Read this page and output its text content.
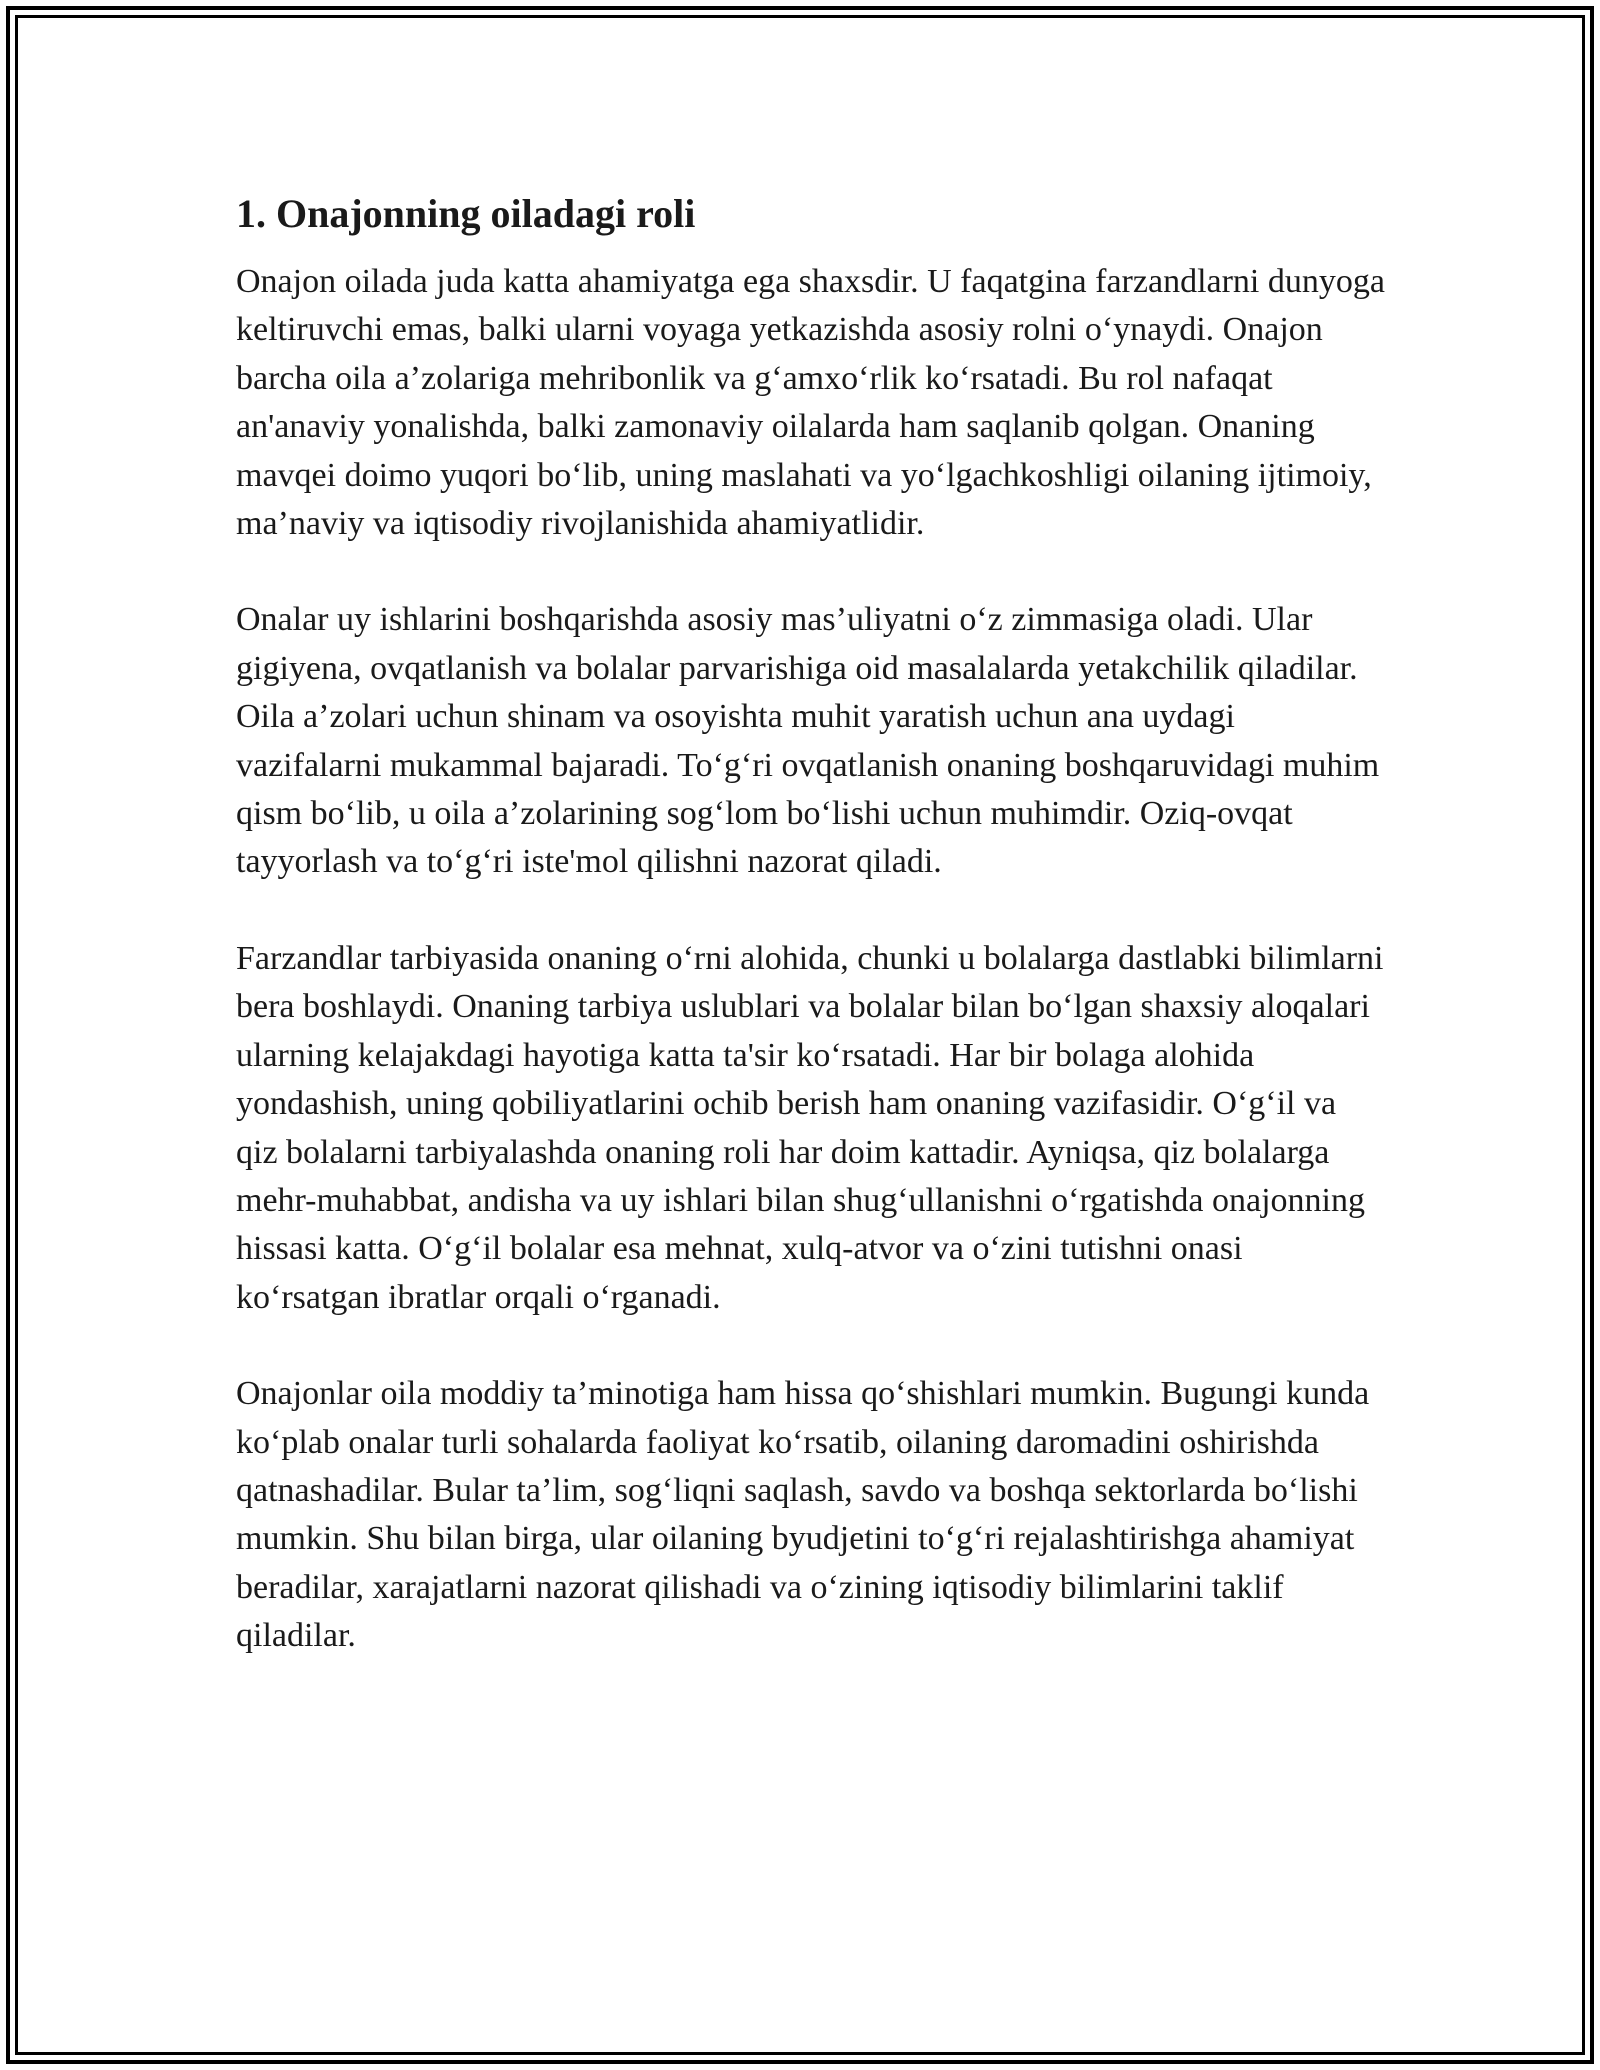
1. Onajonning oiladagi roli

Onajon oilada juda katta ahamiyatga ega shaxsdir. U faqatgina farzandlarni dunyoga keltiruvchi emas, balki ularni voyaga yetkazishda asosiy rolni o‘ynaydi. Onajon barcha oila a’zolariga mehribonlik va g‘amxo‘rlik ko‘rsatadi. Bu rol nafaqat an'anaviy yonalishda, balki zamonaviy oilalarda ham saqlanib qolgan. Onaning mavqei doimo yuqori bo‘lib, uning maslahati va yo‘lgachkoshligi oilaning ijtimoiy, ma’naviy va iqtisodiy rivojlanishida ahamiyatlidir.

Onalar uy ishlarini boshqarishda asosiy mas’uliyatni o‘z zimmasiga oladi. Ular gigiyena, ovqatlanish va bolalar parvarishiga oid masalalarda yetakchilik qiladilar. Oila a’zolari uchun shinam va osoyishta muhit yaratish uchun ana uydagi vazifalarni mukammal bajaradi. To‘g‘ri ovqatlanish onaning boshqaruvidagi muhim qism bo‘lib, u oila a’zolarining sog‘lom bo‘lishi uchun muhimdir. Oziq-ovqat tayyorlash va to‘g‘ri iste'mol qilishni nazorat qiladi.

Farzandlar tarbiyasida onaning o‘rni alohida, chunki u bolalarga dastlabki bilimlarni bera boshlaydi. Onaning tarbiya uslublari va bolalar bilan bo‘lgan shaxsiy aloqalari ularning kelajakdagi hayotiga katta ta'sir ko‘rsatadi. Har bir bolaga alohida yondashish, uning qobiliyatlarini ochib berish ham onaning vazifasidir. O‘g‘il va qiz bolalarni tarbiyalashda onaning roli har doim kattadir. Ayniqsa, qiz bolalarga mehr-muhabbat, andisha va uy ishlari bilan shug‘ullanishni o‘rgatishda onajonning hissasi katta. O‘g‘il bolalar esa mehnat, xulq-atvor va o‘zini tutishni onasi ko‘rsatgan ibratlar orqali o‘rganadi.

Onajonlar oila moddiy ta’minotiga ham hissa qo‘shishlari mumkin. Bugungi kunda ko‘plab onalar turli sohalarda faoliyat ko‘rsatib, oilaning daromadini oshirishda qatnashadilar. Bular ta’lim, sog‘liqni saqlash, savdo va boshqa sektorlarda bo‘lishi mumkin. Shu bilan birga, ular oilaning byudjetini to‘g‘ri rejalashtirishga ahamiyat beradilar, xarajatlarni nazorat qilishadi va o‘zining iqtisodiy bilimlarini taklif qiladilar.
